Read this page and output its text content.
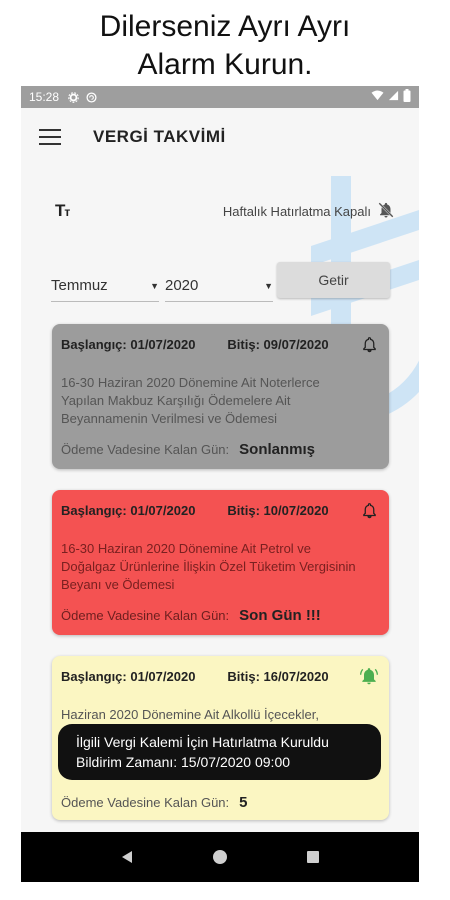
Dilerseniz Ayrı Ayrı
Alarm Kurun.
15:28
VERGİ TAKVİMİ
Tт	Haftalık Hatırlatma Kapalı
Temmuz	▼ 2020	▼	Getir
Başlangıç: 01/07/2020 Bitiş: 09/07/2020
16-30 Haziran 2020 Dönemine Ait Noterlerce Yapılan Makbuz Karşılığı Ödemelere Ait Beyannamenin Verilmesi ve Ödemesi
Ödeme Vadesine Kalan Gün: Sonlanmış
Başlangıç: 01/07/2020 Bitiş: 10/07/2020
16-30 Haziran 2020 Dönemine Ait Petrol ve Doğalgaz Ürünlerine İlişkin Özel Tüketim Vergisinin Beyanı ve Ödemesi
Ödeme Vadesine Kalan Gün: Son Gün !!!
Başlangıç: 01/07/2020 Bitiş: 16/07/2020
Haziran 2020 Dönemine Ait Alkollü İçecekler,
Ödeme Vadesine Kalan Gün: 5
İlgili Vergi Kalemi İçin Hatırlatma Kuruldu
Bildirim Zamanı: 15/07/2020 09:00
